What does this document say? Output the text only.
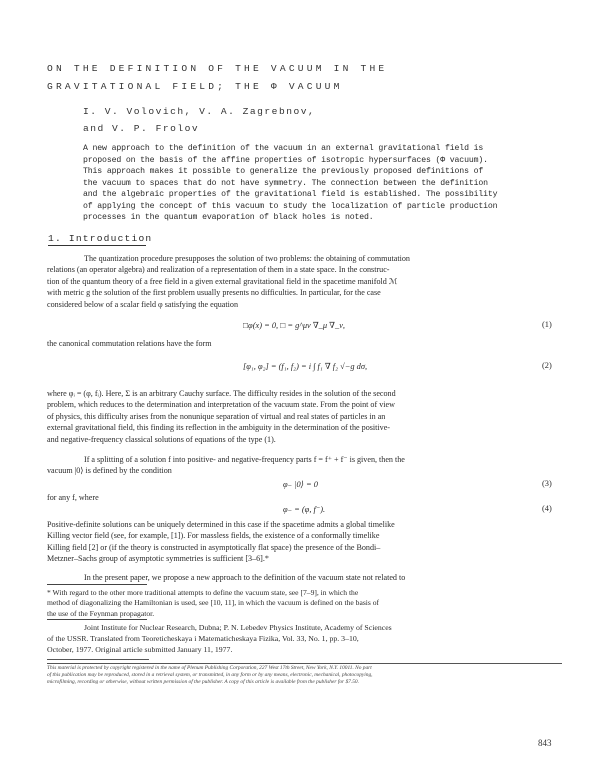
ON THE DEFINITION OF THE VACUUM IN THE
GRAVITATIONAL FIELD; THE Φ VACUUM
I. V. Volovich, V. A. Zagrebnov,
and V. P. Frolov
A new approach to the definition of the vacuum in an external gravitational field is
proposed on the basis of the affine properties of isotropic hypersurfaces (Φ vacuum).
This approach makes it possible to generalize the previously proposed definitions of
the vacuum to spaces that do not have symmetry. The connection between the definition
and the algebraic properties of the gravitational field is established. The possibility
of applying the concept of this vacuum to study the localization of particle production
processes in the quantum evaporation of black holes is noted.
1. Introduction
The quantization procedure presupposes the solution of two problems: the obtaining of commutation
relations (an operator algebra) and realization of a representation of them in a state space. In the construc-
tion of the quantum theory of a free field in a given external gravitational field in the spacetime manifold ℳ
with metric g the solution of the first problem usually presents no difficulties. In particular, for the case
considered below of a scalar field φ satisfying the equation
□φ(x) = 0, □ = g^μν ∇_μ ∇_ν,	(1)
the canonical commutation relations have the form
[φ₁, φ₂] = (f₁, f₂) = i ∫ f₁ ∇ f₂ √−g dσ,	(2)
where φᵢ = (φ, fᵢ). Here, Σ is an arbitrary Cauchy surface. The difficulty resides in the solution of the second
problem, which reduces to the determination and interpretation of the vacuum state. From the point of view
of physics, this difficulty arises from the nonunique separation of virtual and real states of particles in an
external gravitational field, this finding its reflection in the ambiguity in the determination of the positive-
and negative-frequency classical solutions of equations of the type (1).
If a splitting of a solution f into positive- and negative-frequency parts f = f⁺ + f⁻ is given, then the
vacuum |0⟩ is defined by the condition
φ₋ |0⟩ = 0	(3)
for any f, where
φ₋ = (φ, f⁻).	(4)
Positive-definite solutions can be uniquely determined in this case if the spacetime admits a global timelike
Killing vector field (see, for example, [1]). For massless fields, the existence of a conformally timelike
Killing field [2] or (if the theory is constructed in asymptotically flat space) the presence of the Bondi–
Metzner–Sachs group of asymptotic symmetries is sufficient [3–6].*
In the present paper, we propose a new approach to the definition of the vacuum state not related to
* With regard to the other more traditional attempts to define the vacuum state, see [7–9], in which the
method of diagonalizing the Hamiltonian is used, see [10, 11], in which the vacuum is defined on the basis of
the use of the Feynman propagator.
Joint Institute for Nuclear Research, Dubna; P. N. Lebedev Physics Institute, Academy of Sciences
of the USSR. Translated from Teoreticheskaya i Matematicheskaya Fizika, Vol. 33, No. 1, pp. 3–10,
October, 1977. Original article submitted January 11, 1977.
This material is protected by copyright registered in the name of Plenum Publishing Corporation, 227 West 17th Street, New York, N.Y. 10011. No part
of this publication may be reproduced, stored in a retrieval system, or transmitted, in any form or by any means, electronic, mechanical, photocopying,
microfilming, recording or otherwise, without written permission of the publisher. A copy of this article is available from the publisher for $7.50.
843
